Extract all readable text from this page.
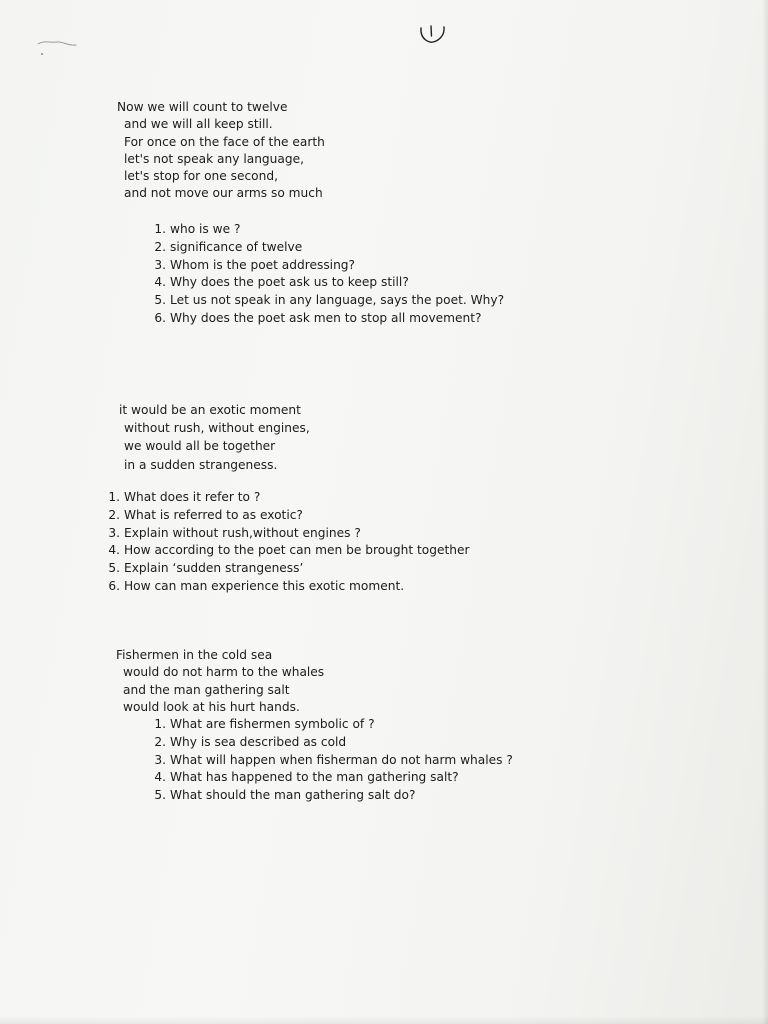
Now we will count to twelve
and we will all keep still.
For once on the face of the earth
let's not speak any language,
let's stop for one second,
and not move our arms so much
1. who is we ?
2. significance of twelve
3. Whom is the poet addressing?
4. Why does the poet ask us to keep still?
5. Let us not speak in any language, says the poet. Why?
6. Why does the poet ask men to stop all movement?
it would be an exotic moment
without rush, without engines,
we would all be together
in a sudden strangeness.
1. What does it refer to ?
2. What is referred to as exotic?
3. Explain without rush,without engines ?
4. How according to the poet can men be brought together
5. Explain ‘sudden strangeness’
6. How can man experience this exotic moment.
Fishermen in the cold sea
would do not harm to the whales
and the man gathering salt
would look at his hurt hands.
1. What are fishermen symbolic of ?
2. Why is sea described as cold
3. What will happen when fisherman do not harm whales ?
4. What has happened to the man gathering salt?
5. What should the man gathering salt do?
